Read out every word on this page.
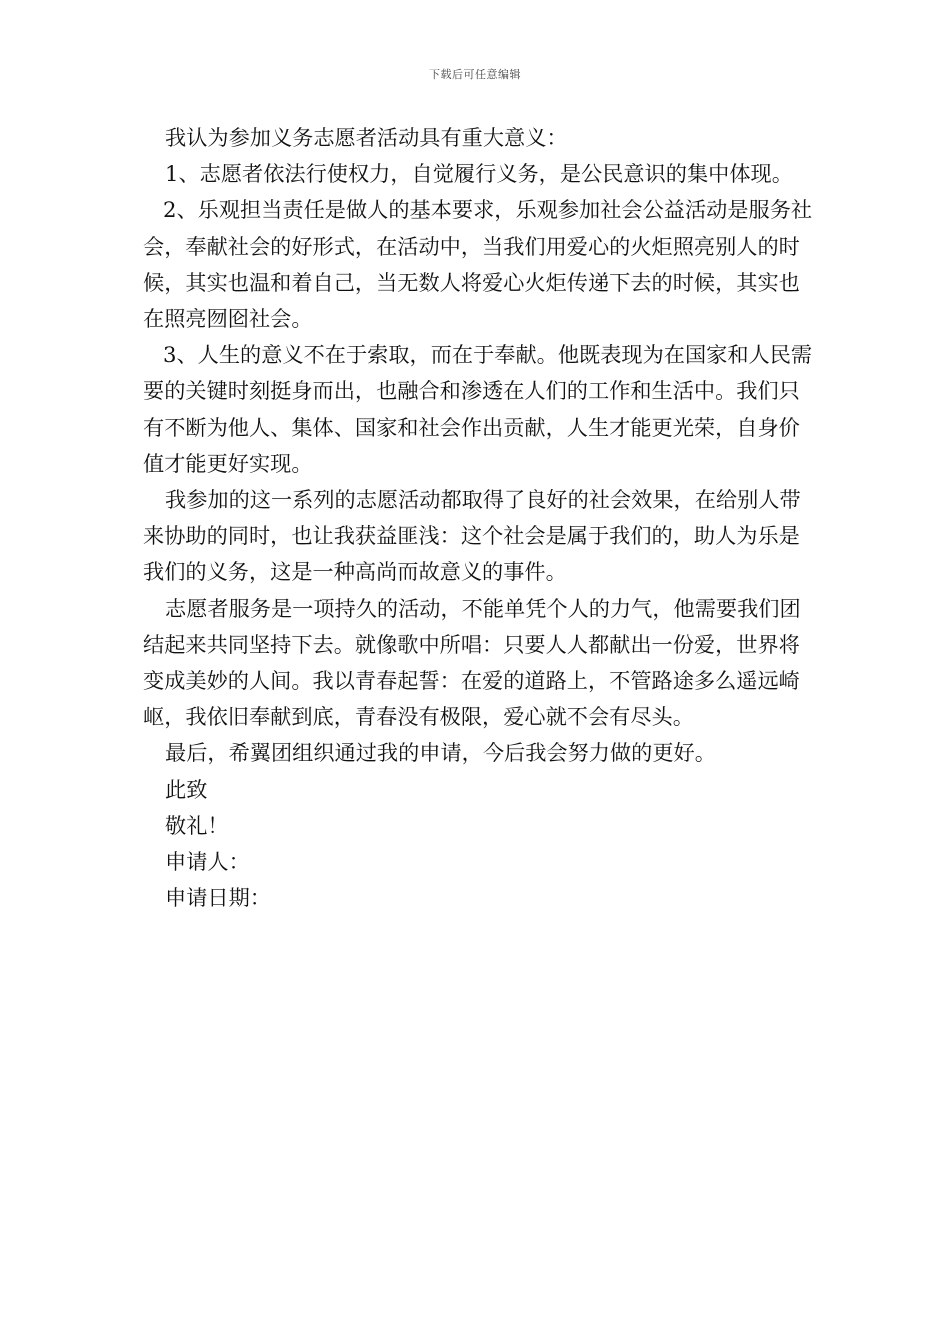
下载后可任意编辑

我认为参加义务志愿者活动具有重大意义：

1、志愿者依法行使权力，自觉履行义务，是公民意识的集中体现。

2、乐观担当责任是做人的基本要求，乐观参加社会公益活动是服务社会，奉献社会的好形式，在活动中，当我们用爱心的火炬照亮别人的时候，其实也温和着自己，当无数人将爱心火炬传递下去的时候，其实也在照亮囫囵社会。

3、人生的意义不在于索取，而在于奉献。他既表现为在国家和人民需要的关键时刻挺身而出，也融合和渗透在人们的工作和生活中。我们只有不断为他人、集体、国家和社会作出贡献，人生才能更光荣，自身价值才能更好实现。

我参加的这一系列的志愿活动都取得了良好的社会效果，在给别人带来协助的同时，也让我获益匪浅：这个社会是属于我们的，助人为乐是我们的义务，这是一种高尚而故意义的事件。

志愿者服务是一项持久的活动，不能单凭个人的力气，他需要我们团结起来共同坚持下去。就像歌中所唱：只要人人都献出一份爱，世界将变成美妙的人间。我以青春起誓：在爱的道路上，不管路途多么遥远崎岖，我依旧奉献到底，青春没有极限，爱心就不会有尽头。

最后，希翼团组织通过我的申请，今后我会努力做的更好。

此致

敬礼！

申请人：

申请日期：
